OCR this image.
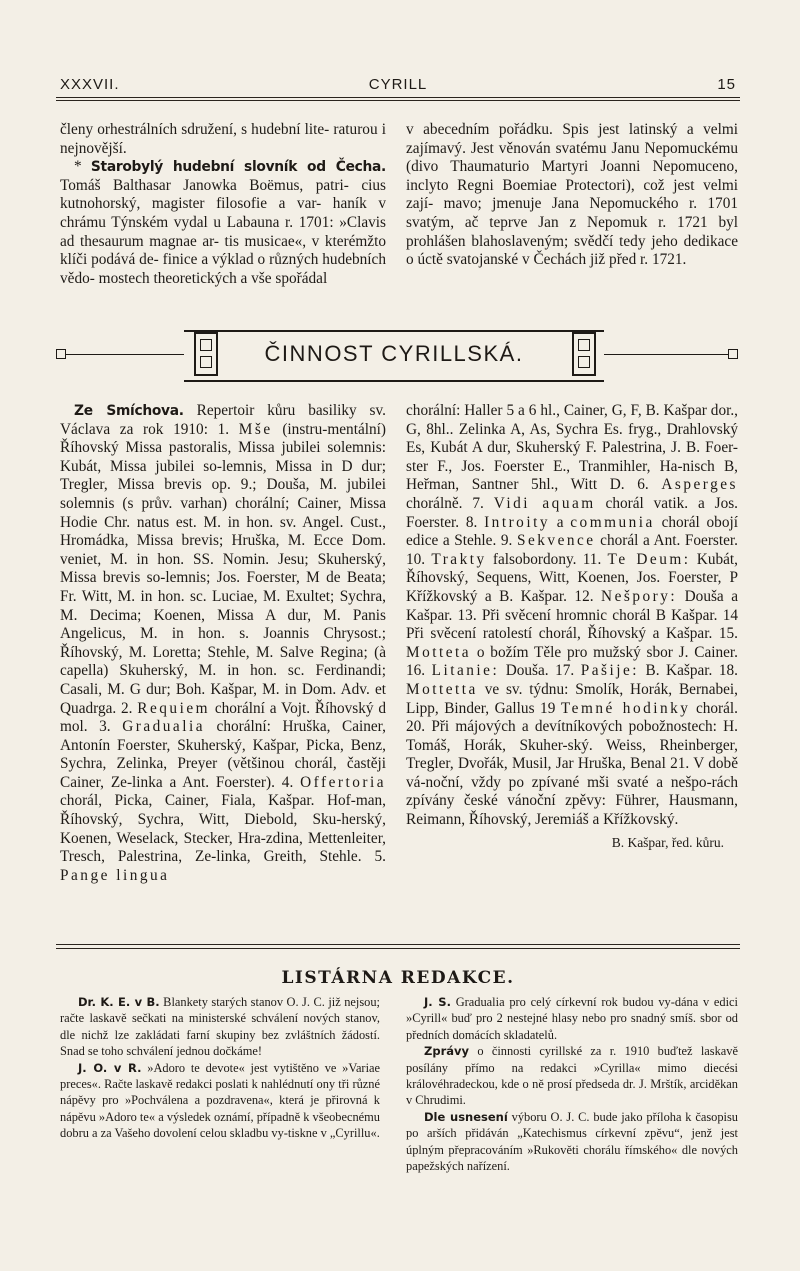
XXXVII.	CYRILL	15

členy orhestrálních sdružení, s hudební lite- raturou i nejnovější.
* Starobylý hudební slovník od Čecha. Tomáš Balthasar Janowka Boëmus, patri- cius kutnohorský, magister filosofie a var- haník v chrámu Týnském vydal u Labauna r. 1701: »Clavis ad thesaurum magnae ar- tis musicae«, v kterémžto klíči podává de- finice a výklad o různých hudebních vědo- mostech theoretických a vše spořádal

v abecedním pořádku. Spis jest latinský a velmi zajímavý. Jest věnován svatému Janu Nepomuckému (divo Thaumaturio Martyri Joanni Nepomuceno, inclyto Regni Boemiae Protectori), což jest velmi zají- mavo; jmenuje Jana Nepomuckého r. 1701 svatým, ač teprve Jan z Nepomuk r. 1721 byl prohlášen blahoslaveným; svědčí tedy jeho dedikace o úctě svatojanské v Čechách již před r. 1721.

ČINNOST CYRILLSKÁ.

Ze Smíchova. Repertoir kůru basiliky sv. Václava za rok 1910: 1. Mše (instru-mentální) Říhovský Missa pastoralis, Missa jubilei solemnis: Kubát, Missa jubilei so-lemnis, Missa in D dur; Tregler, Missa brevis op. 9.; Douša, M. jubilei solemnis (s prův. varhan) chorální; Cainer, Missa Hodie Chr. natus est. M. in hon. sv. Angel. Cust., Hromádka, Missa brevis; Hruška, M. Ecce Dom. veniet, M. in hon. SS. Nomin. Jesu; Skuherský, Missa brevis so-lemnis; Jos. Foerster, M de Beata; Fr. Witt, M. in hon. sc. Luciae, M. Exultet; Sychra, M. Decima; Koenen, Missa A dur, M. Panis Angelicus, M. in hon. s. Joannis Chrysost.; Říhovský, M. Loretta; Stehle, M. Salve Regina; (à capella) Skuherský, M. in hon. sc. Ferdinandi; Casali, M. G dur; Boh. Kašpar, M. in Dom. Adv. et Quadrga. 2. Requiem chorální a Vojt. Říhovský d mol. 3. Gradualia chorální: Hruška, Cainer, Antonín Foerster, Skuherský, Kašpar, Picka, Benz, Sychra, Zelinka, Preyer (většinou chorál, častěji Cainer, Ze-linka a Ant. Foerster). 4. Offertoria chorál, Picka, Cainer, Fiala, Kašpar. Hof-man, Říhovský, Sychra, Witt, Diebold, Sku-herský, Koenen, Weselack, Stecker, Hra-zdina, Mettenleiter, Tresch, Palestrina, Ze-linka, Greith, Stehle. 5. Pange lingua

chorální: Haller 5 a 6 hl., Cainer, G, F, B. Kašpar dor., G, 8hl.. Zelinka A, As, Sychra Es. fryg., Drahlovský Es, Kubát A dur, Skuherský F. Palestrina, J. B. Foer-ster F., Jos. Foerster E., Tranmihler, Ha-nisch B, Heřman, Santner 5hl., Witt D. 6. Asperges chorálně. 7. Vidi aquam chorál vatik. a Jos. Foerster. 8. Introity a communia chorál obojí edice a Stehle. 9. Sekvence chorál a Ant. Foerster. 10. Trakty falsobordony. 11. Te Deum: Kubát, Říhovský, Sequens, Witt, Koenen, Jos. Foerster, P Křížkovský a B. Kašpar. 12. Nešpory: Douša a Kašpar. 13. Při svěcení hromnic chorál B Kašpar. 14 Při svěcení ratolestí chorál, Říhovský a Kašpar. 15. Motteta o božím Těle pro mužský sbor J. Cainer. 16. Litanie: Douša. 17. Pašije: B. Kašpar. 18. Mottetta ve sv. týdnu: Smolík, Horák, Bernabei, Lipp, Binder, Gallus 19 Temné hodinky chorál. 20. Při májových a devítníkových pobožnostech: H. Tomáš, Horák, Skuher-ský. Weiss, Rheinberger, Tregler, Dvořák, Musil, Jar Hruška, Benal 21. V době vá-noční, vždy po zpívané mši svaté a nešpo-rách zpívány české vánoční zpěvy: Führer, Hausmann, Reimann, Říhovský, Jeremiáš a Křížkovský.

B. Kašpar, řed. kůru.
LISTÁRNA REDAKCE.

Dr. K. E. v B. Blankety starých stanov O. J. C. již nejsou; račte laskavě sečkati na ministerské schválení nových stanov, dle nichž lze zakládati farní skupiny bez zvláštních žádostí. Snad se toho schválení jednou dočkáme!

J. O. v R. »Adoro te devote« jest vytištěno ve »Variae preces«. Račte laskavě redakci poslati k nahlédnutí ony tři různé nápěvy pro »Pochválena a pozdravena«, která je přirovná k nápěvu »Adoro te« a výsledek oznámí, případně k všeobecnému dobru a za Vašeho dovolení celou skladbu vy-tiskne v „Cyrillu«.

J. S. Gradualia pro celý církevní rok budou vy-dána v edici »Cyrill« buď pro 2 nestejné hlasy nebo pro snadný smíš. sbor od předních domácích skladatelů.

Zprávy o činnosti cyrillské za r. 1910 buďtež laskavě posílány přímo na redakci »Cyrilla« mimo diecési královéhradeckou, kde o ně prosí předseda dr. J. Mrštík, arciděkan v Chrudimi.

Dle usnesení výboru O. J. C. bude jako příloha k časopisu po arších přidáván „Katechismus církevní zpěvu“, jenž jest úplným přepracováním »Rukověti chorálu římského« dle nových papežských nařízení.
